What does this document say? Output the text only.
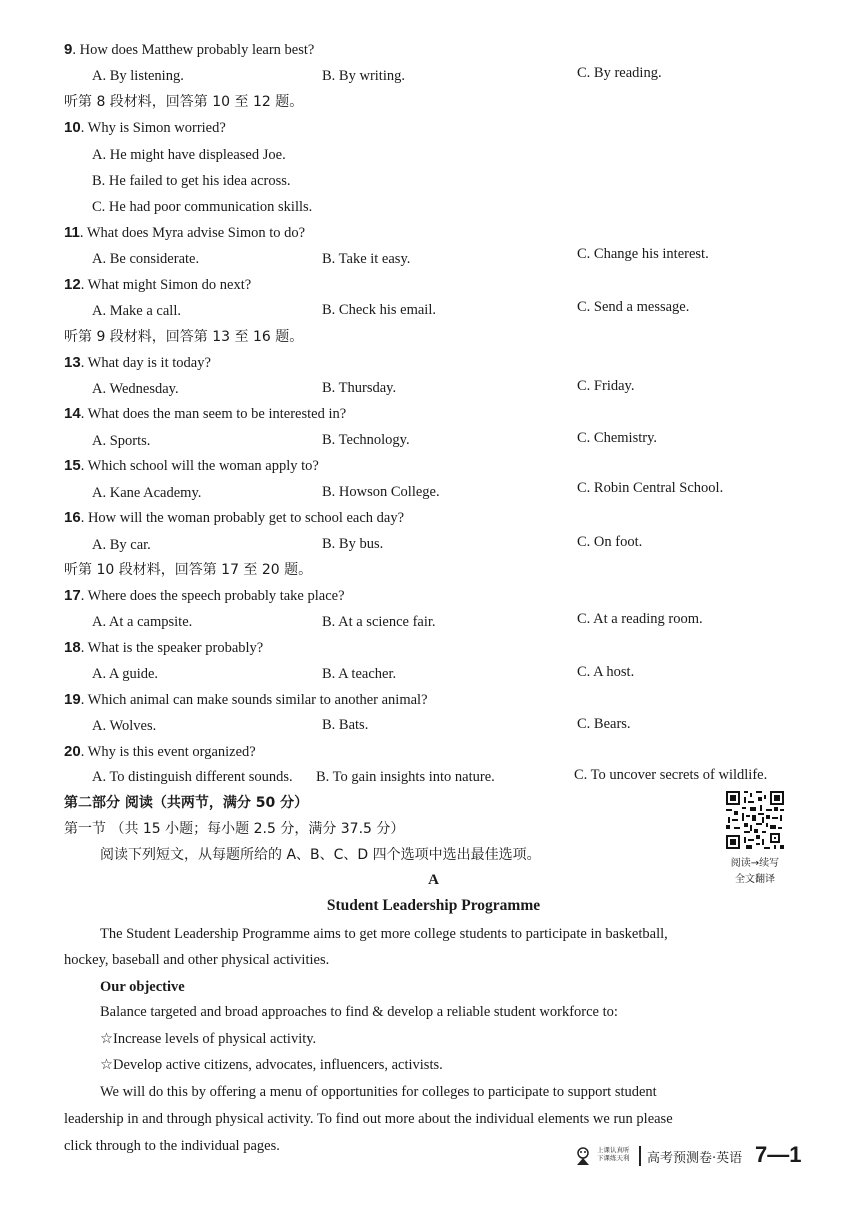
9. How does Matthew probably learn best?
A. By listening.	B. By writing.	C. By reading.
听第 8 段材料，回答第 10 至 12 题。
10. Why is Simon worried?
A. He might have displeased Joe.
B. He failed to get his idea across.
C. He had poor communication skills.
11. What does Myra advise Simon to do?
A. Be considerate.	B. Take it easy.	C. Change his interest.
12. What might Simon do next?
A. Make a call.	B. Check his email.	C. Send a message.
听第 9 段材料，回答第 13 至 16 题。
13. What day is it today?
A. Wednesday.	B. Thursday.	C. Friday.
14. What does the man seem to be interested in?
A. Sports.	B. Technology.	C. Chemistry.
15. Which school will the woman apply to?
A. Kane Academy.	B. Howson College.	C. Robin Central School.
16. How will the woman probably get to school each day?
A. By car.	B. By bus.	C. On foot.
听第 10 段材料，回答第 17 至 20 题。
17. Where does the speech probably take place?
A. At a campsite.	B. At a science fair.	C. At a reading room.
18. What is the speaker probably?
A. A guide.	B. A teacher.	C. A host.
19. Which animal can make sounds similar to another animal?
A. Wolves.	B. Bats.	C. Bears.
20. Why is this event organized?
A. To distinguish different sounds. B. To gain insights into nature.	C. To uncover secrets of wildlife.
第二部分 阅读（共两节，满分 50 分）
第一节 （共 15 小题；每小题 2.5 分，满分 37.5 分）
阅读下列短文，从每题所给的 A、B、C、D 四个选项中选出最佳选项。
阅读→续写
全文翻译
A
Student Leadership Programme
The Student Leadership Programme aims to get more college students to participate in basketball,
hockey, baseball and other physical activities.
Our objective
Balance targeted and broad approaches to find & develop a reliable student workforce to:
☆Increase levels of physical activity.
☆Develop active citizens, advocates, influencers, activists.
We will do this by offering a menu of opportunities for colleges to participate to support student
leadership in and through physical activity. To find out more about the individual elements we run please
click through to the individual pages.	上课认真听
下课练天利	高考预测卷·英语 7—1
